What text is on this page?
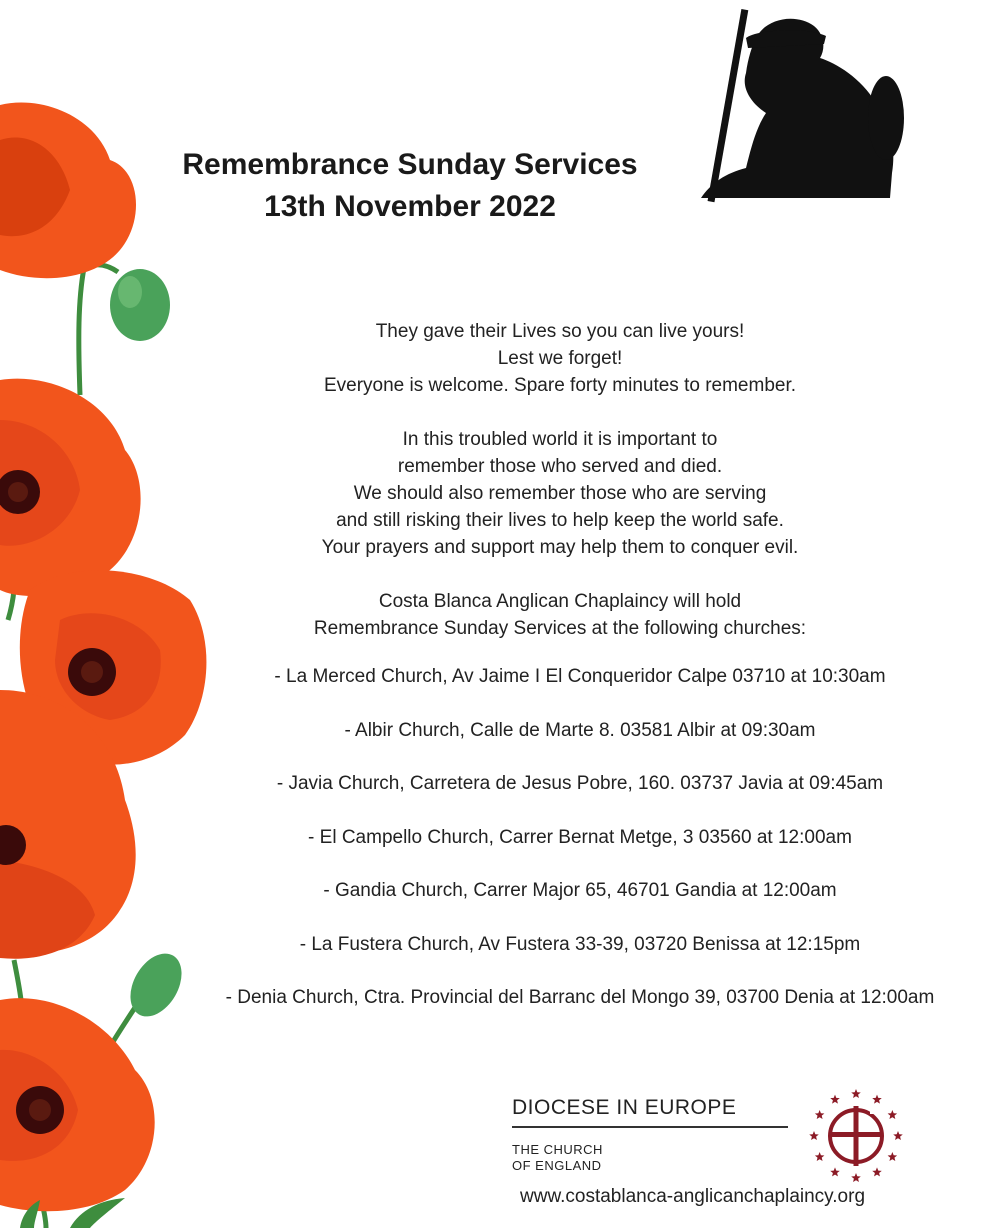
Remembrance Sunday Services
13th November 2022

They gave their Lives so you can live yours!

Lest we forget!

Everyone is welcome. Spare forty minutes to remember.

In this troubled world it is important to

remember those who served and died.

We should also remember those who are serving

and still risking their lives to help keep the world safe.

Your prayers and support may help them to conquer evil.

Costa Blanca Anglican Chaplaincy will hold

Remembrance Sunday Services at the following churches:

- La Merced Church, Av Jaime I El Conqueridor Calpe 03710 at 10:30am
- Albir Church, Calle de Marte 8. 03581 Albir at 09:30am
- Javia Church, Carretera de Jesus Pobre, 160. 03737 Javia at 09:45am
- El Campello Church, Carrer Bernat Metge, 3 03560 at 12:00am
- Gandia Church, Carrer Major 65, 46701 Gandia at 12:00am
- La Fustera Church, Av Fustera 33-39, 03720 Benissa at 12:15pm
- Denia Church, Ctra. Provincial del Barranc del Mongo 39, 03700 Denia at 12:00am
DIOCESE IN EUROPE
THE CHURCH
OF ENGLAND
www.costablanca-anglicanchaplaincy.org
